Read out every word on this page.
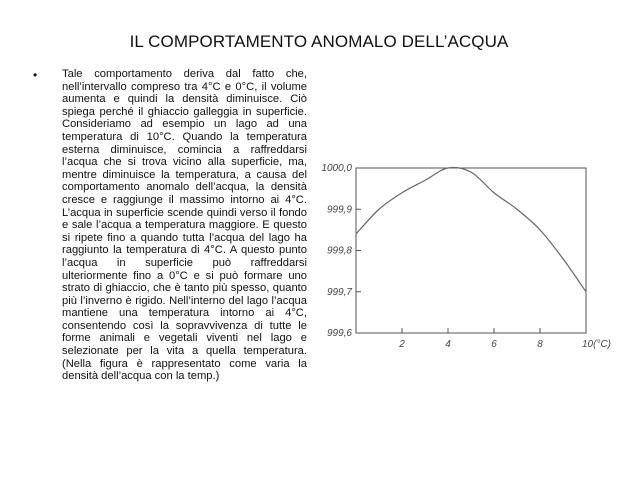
IL COMPORTAMENTO ANOMALO DELL’ACQUA
• Tale comportamento deriva dal fatto che, nell’intervallo compreso tra 4°C e 0°C, il volume aumenta e quindi la densità diminuisce. Ciò spiega perché il ghiaccio galleggia in superficie. Consideriamo ad esempio un lago ad una temperatura di 10°C. Quando la temperatura esterna diminuisce, comincia a raffreddarsi l’acqua che si trova vicino alla superficie, ma, mentre diminuisce la temperatura, a causa del comportamento anomalo dell’acqua, la densità cresce e raggiunge il massimo intorno ai 4°C. L’acqua in superficie scende quindi verso il fondo e sale l’acqua a temperatura maggiore. E questo si ripete fino a quando tutta l’acqua del lago ha raggiunto la temperatura di 4°C. A questo punto l’acqua in superficie può raffreddarsi ulteriormente fino a 0°C e si può formare uno strato di ghiaccio, che è tanto più spesso, quanto più l’inverno è rigido. Nell’interno del lago l’acqua mantiene una temperatura intorno ai 4°C, consentendo così la sopravvivenza di tutte le forme animali e vegetali viventi nel lago e selezionate per la vita a quella temperatura. (Nella figura è rappresentato come varia la densità dell’acqua con la temp.)
999,6
999,7
999,8
999,9
1000,0
2	4	6	8	10(°C)
